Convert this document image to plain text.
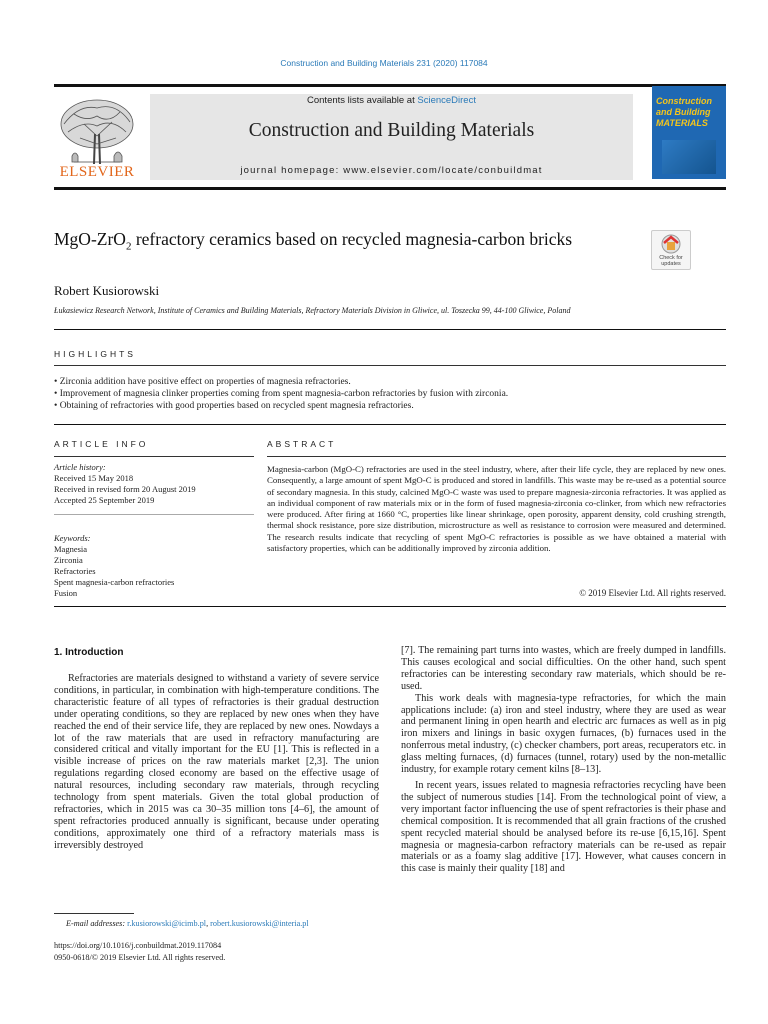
Construction and Building Materials 231 (2020) 117084
ELSEVIER
Contents lists available at ScienceDirect
Construction and Building Materials
journal homepage: www.elsevier.com/locate/conbuildmat
Construction and Building MATERIALS
MgO-ZrO$_2$ refractory ceramics based on recycled magnesia-carbon bricks
Check for updates
Robert Kusiorowski
Łukasiewicz Research Network, Institute of Ceramics and Building Materials, Refractory Materials Division in Gliwice, ul. Toszecka 99, 44-100 Gliwice, Poland
HIGHLIGHTS
• Zirconia addition have positive effect on properties of magnesia refractories.
• Improvement of magnesia clinker properties coming from spent magnesia-carbon refractories by fusion with zirconia.
• Obtaining of refractories with good properties based on recycled spent magnesia refractories.
ARTICLE INFO
Article history:
Received 15 May 2018
Received in revised form 20 August 2019
Accepted 25 September 2019
Keywords:
Magnesia
Zirconia
Refractories
Spent magnesia-carbon refractories
Fusion
ABSTRACT
Magnesia-carbon (MgO-C) refractories are used in the steel industry, where, after their life cycle, they are replaced by new ones. Consequently, a large amount of spent MgO-C is produced and stored in landfills. This waste may be re-used as a potential source of secondary magnesia. In this study, calcined MgO-C waste was used to prepare magnesia-zirconia refractories. It was applied as an individual component of raw materials mix or in the form of fused magnesia-zirconia co-clinker, from which new refractories were produced. After firing at 1660 °C, properties like linear shrinkage, open porosity, apparent density, cold crushing strength, thermal shock resistance, pore size distribution, microstructure as well as resistance to corrosion were measured and determined. The research results indicate that recycling of spent MgO-C refractories is possible as we have obtained a material with satisfactory properties, which can be additionally improved by zirconia addition.
© 2019 Elsevier Ltd. All rights reserved.
1. Introduction
Refractories are materials designed to withstand a variety of severe service conditions, in particular, in combination with high-temperature conditions. The characteristic feature of all types of refractories is their gradual destruction under operating conditions, so they are replaced by new ones when they have reached the end of their service life, they are replaced by new ones. Nowdays a lot of the raw materials that are used in refractory manufacturing are considered critical and vitally important for the EU [1]. This is reflected in a visible increase of prices on the raw materials market [2,3]. The union regulations regarding closed economy are based on the effective usage of natural resources, including secondary raw materials, through recycling technology from spent materials. Given the total global production of refractories, which in 2015 was ca 30–35 million tons [4–6], the amount of spent refractories produced annually is significant, because under operating conditions, approximately one third of a refractory materials mass is irreversibly destroyed

[7]. The remaining part turns into wastes, which are freely dumped in landfills. This causes ecological and social difficulties. On the other hand, such spent refractories can be interesting secondary raw materials, which should be re-used.

This work deals with magnesia-type refractories, for which the main applications include: (a) iron and steel industry, where they are used as wear and permanent lining in open hearth and electric arc furnaces as well as in pig iron mixers and linings in basic oxygen furnaces, (b) furnaces used in the nonferrous metal industry, (c) checker chambers, port areas, recuperators etc. in glass melting furnaces, (d) furnaces (tunnel, rotary) used by the non-metallic industry, for example rotary cement kilns [8–13].

In recent years, issues related to magnesia refractories recycling have been the subject of numerous studies [14]. From the technological point of view, a very important factor influencing the use of spent refractories is their phase and chemical composition. It is recommended that all grain fractions of the crushed spent recycled material should be analysed before its re-use [6,15,16]. Spent magnesia or magnesia-carbon refractory materials can be re-used as repair materials or as a foamy slag additive [17]. However, what causes concern in this case is mainly their quality [18] and

E-mail addresses: r.kusiorowski@icimb.pl, robert.kusiorowski@interia.pl
https://doi.org/10.1016/j.conbuildmat.2019.117084
0950-0618/© 2019 Elsevier Ltd. All rights reserved.
